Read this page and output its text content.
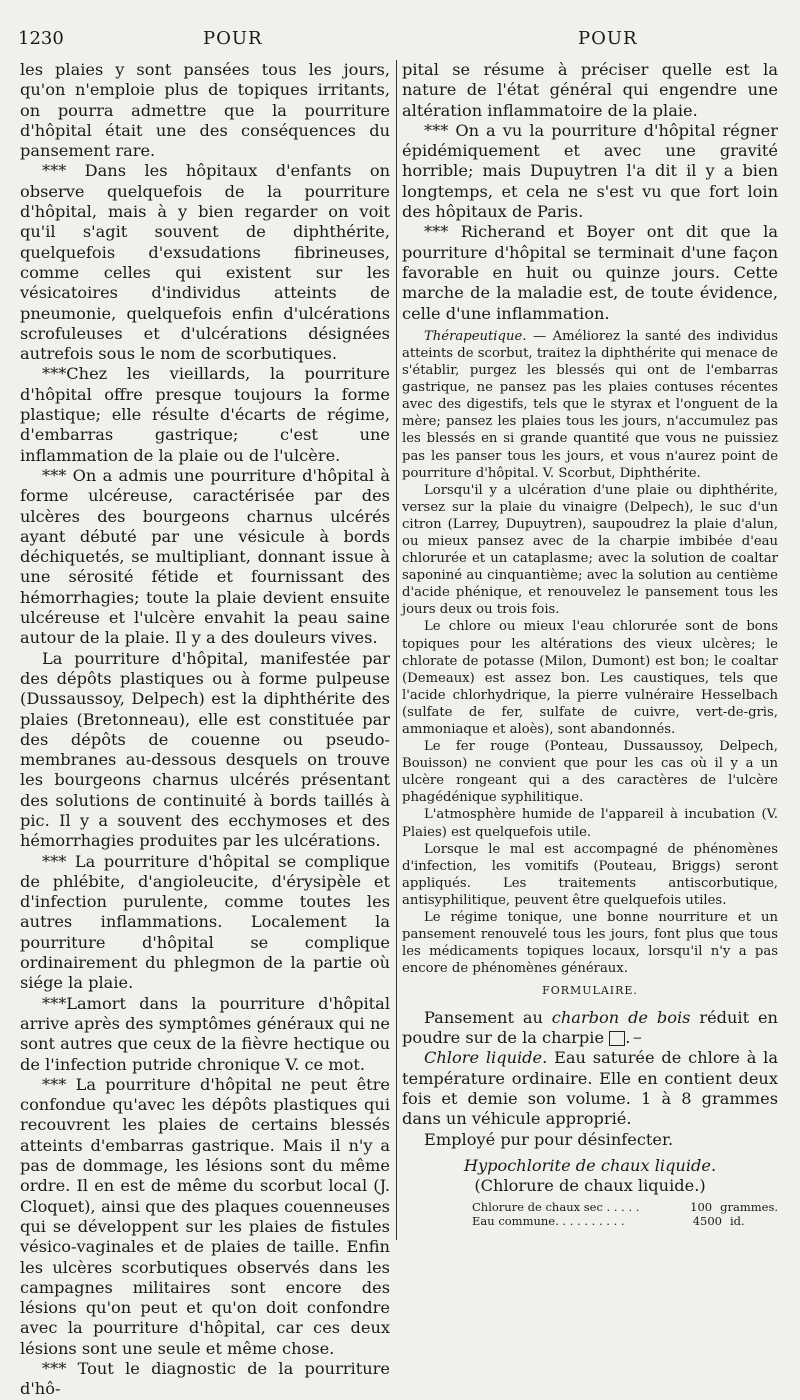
1230	POUR	POUR

les plaies y sont pansées tous les jours, qu'on n'emploie plus de topiques irritants, on pourra admettre que la pourriture d'hôpital était une des conséquences du pansement rare.

*** Dans les hôpitaux d'enfants on observe quelquefois de la pourriture d'hôpital, mais à y bien regarder on voit qu'il s'agit souvent de diphthérite, quelquefois d'exsudations fibrineuses, comme celles qui existent sur les vésicatoires d'individus atteints de pneumonie, quelquefois enfin d'ulcérations scrofuleuses et d'ulcérations désignées autrefois sous le nom de scorbutiques.

***Chez les vieillards, la pourriture d'hôpital offre presque toujours la forme plastique; elle résulte d'écarts de régime, d'embarras gastrique; c'est une inflammation de la plaie ou de l'ulcère.

*** On a admis une pourriture d'hôpital à forme ulcéreuse, caractérisée par des ulcères des bourgeons charnus ulcérés ayant débuté par une vésicule à bords déchiquetés, se multipliant, donnant issue à une sérosité fétide et fournissant des hémorrhagies; toute la plaie devient ensuite ulcéreuse et l'ulcère envahit la peau saine autour de la plaie. Il y a des douleurs vives.

La pourriture d'hôpital, manifestée par des dépôts plastiques ou à forme pulpeuse (Dussaussoy, Delpech) est la diphthérite des plaies (Bretonneau), elle est constituée par des dépôts de couenne ou pseudo-membranes au-dessous desquels on trouve les bourgeons charnus ulcérés présentant des solutions de continuité à bords taillés à pic. Il y a souvent des ecchymoses et des hémorrhagies produites par les ulcérations.

*** La pourriture d'hôpital se complique de phlébite, d'angioleucite, d'érysipèle et d'infection purulente, comme toutes les autres inflammations. Localement la pourriture d'hôpital se complique ordinairement du phlegmon de la partie où siége la plaie.

***Lamort dans la pourriture d'hôpital arrive après des symptômes généraux qui ne sont autres que ceux de la fièvre hectique ou de l'infection putride chronique V. ce mot.

*** La pourriture d'hôpital ne peut être confondue qu'avec les dépôts plastiques qui recouvrent les plaies de certains blessés atteints d'embarras gastrique. Mais il n'y a pas de dommage, les lésions sont du même ordre. Il en est de même du scorbut local (J. Cloquet), ainsi que des plaques couenneuses qui se développent sur les plaies de fistules vésico-vaginales et de plaies de taille. Enfin les ulcères scorbutiques observés dans les campagnes militaires sont encore des lésions qu'on peut et qu'on doit confondre avec la pourriture d'hôpital, car ces deux lésions sont une seule et même chose.

*** Tout le diagnostic de la pourriture d'hô-

pital se résume à préciser quelle est la nature de l'état général qui engendre une altération inflammatoire de la plaie.

*** On a vu la pourriture d'hôpital régner épidémiquement et avec une gravité horrible; mais Dupuytren l'a dit il y a bien longtemps, et cela ne s'est vu que fort loin des hôpitaux de Paris.

*** Richerand et Boyer ont dit que la pourriture d'hôpital se terminait d'une façon favorable en huit ou quinze jours. Cette marche de la maladie est, de toute évidence, celle d'une inflammation.

Thérapeutique. — Améliorez la santé des individus atteints de scorbut, traitez la diphthérite qui menace de s'établir, purgez les blessés qui ont de l'embarras gastrique, ne pansez pas les plaies contuses récentes avec des digestifs, tels que le styrax et l'onguent de la mère; pansez les plaies tous les jours, n'accumulez pas les blessés en si grande quantité que vous ne puissiez pas les panser tous les jours, et vous n'aurez point de pourriture d'hôpital. V. Scorbut, Diphthérite.

Lorsqu'il y a ulcération d'une plaie ou diphthérite, versez sur la plaie du vinaigre (Delpech), le suc d'un citron (Larrey, Dupuytren), saupoudrez la plaie d'alun, ou mieux pansez avec de la charpie imbibée d'eau chlorurée et un cataplasme; avec la solution de coaltar saponiné au cinquantième; avec la solution au centième d'acide phénique, et renouvelez le pansement tous les jours deux ou trois fois.

Le chlore ou mieux l'eau chlorurée sont de bons topiques pour les altérations des vieux ulcères; le chlorate de potasse (Milon, Dumont) est bon; le coaltar (Demeaux) est assez bon. Les caustiques, tels que l'acide chlorhydrique, la pierre vulnéraire Hesselbach (sulfate de fer, sulfate de cuivre, vert-de-gris, ammoniaque et aloès), sont abandonnés.

Le fer rouge (Ponteau, Dussaussoy, Delpech, Bouisson) ne convient que pour les cas où il y a un ulcère rongeant qui a des caractères de l'ulcère phagédénique syphilitique.

L'atmosphère humide de l'appareil à incubation (V. Plaies) est quelquefois utile.

Lorsque le mal est accompagné de phénomènes d'infection, les vomitifs (Pouteau, Briggs) seront appliqués. Les traitements antiscorbutique, antisyphilitique, peuvent être quelquefois utiles.

Le régime tonique, une bonne nourriture et un pansement renouvelé tous les jours, font plus que tous les médicaments topiques locaux, lorsqu'il n'y a pas encore de phénomènes généraux.

FORMULAIRE.

Pansement au charbon de bois réduit en poudre sur de la charpie −.

Chlore liquide. Eau saturée de chlore à la température ordinaire. Elle en contient deux fois et demie son volume. 1 à 8 grammes dans un véhicule approprié.

Employé pur pour désinfecter.

Hypochlorite de chaux liquide.

(Chlorure de chaux liquide.)

Chlorure de chaux sec . . . . .	100 grammes.
Eau commune. . . . . . . . . .	4500 id.
